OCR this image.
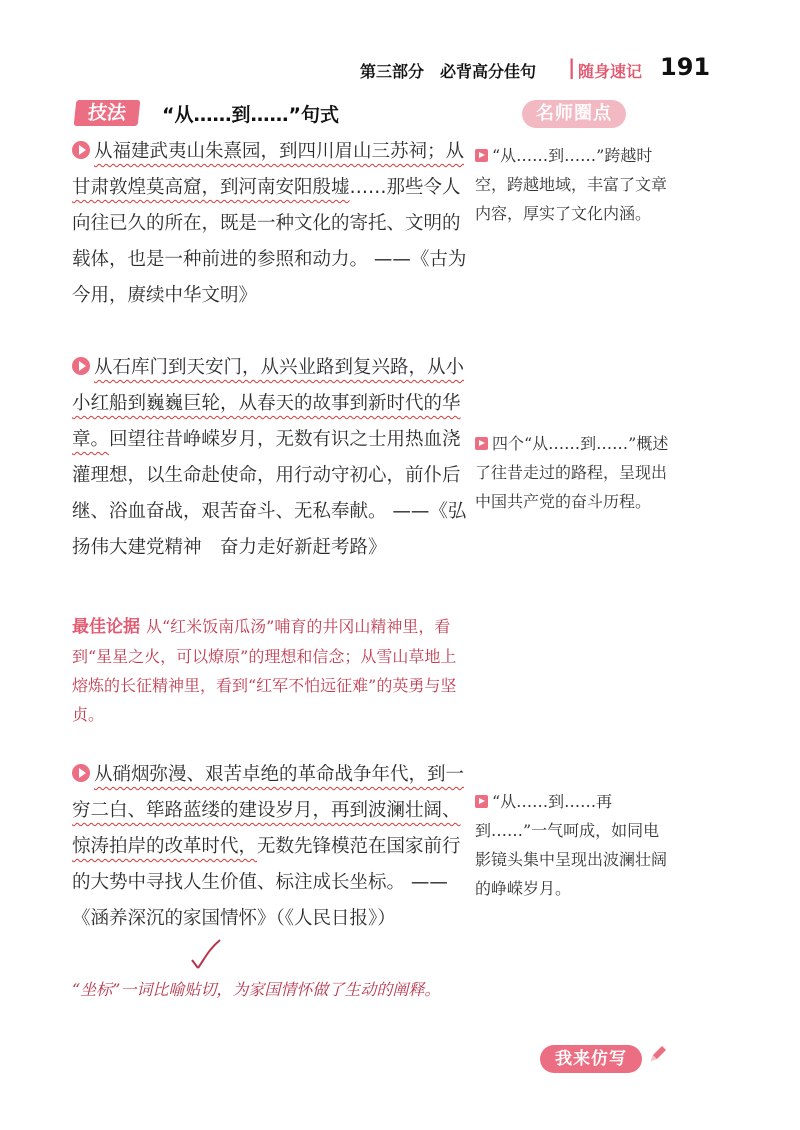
第三部分　必背高分佳句 | 随身速记 191
技法	“从……到……”句式	名师圈点
从福建武夷山朱熹园，到四川眉山三苏祠；从甘肃敦煌莫高窟，到河南安阳殷墟……那些令人向往已久的所在，既是一种文化的寄托、文明的载体，也是一种前进的参照和动力。 ——《古为今用，赓续中华文明》
从石库门到天安门，从兴业路到复兴路，从小小红船到巍巍巨轮，从春天的故事到新时代的华章。回望往昔峥嵘岁月，无数有识之士用热血浇灌理想，以生命赴使命，用行动守初心，前仆后继、浴血奋战，艰苦奋斗、无私奉献。 ——《弘扬伟大建党精神　奋力走好新赶考路》
最佳论据 从“红米饭南瓜汤”哺育的井冈山精神里，看到“星星之火，可以燎原”的理想和信念；从雪山草地上熔炼的长征精神里，看到“红军不怕远征难”的英勇与坚贞。
从硝烟弥漫、艰苦卓绝的革命战争年代，到一穷二白、筚路蓝缕的建设岁月，再到波澜壮阔、惊涛拍岸的改革时代，无数先锋模范在国家前行的大势中寻找人生价值、标注成长坐标。 ——《涵养深沉的家国情怀》（《人民日报》）
“坐标”一词比喻贴切，为家国情怀做了生动的阐释。
“从……到……”跨越时空，跨越地域，丰富了文章内容，厚实了文化内涵。
四个“从……到……”概述了往昔走过的路程，呈现出中国共产党的奋斗历程。
“从……到……再到……”一气呵成，如同电影镜头集中呈现出波澜壮阔的峥嵘岁月。
我来仿写
